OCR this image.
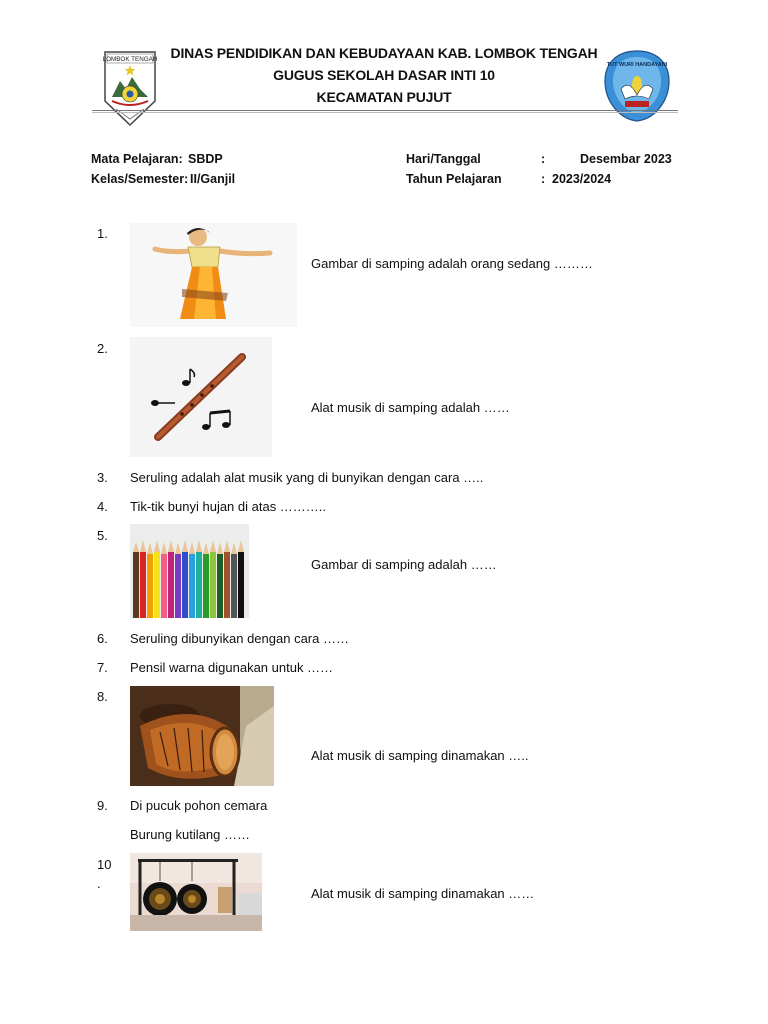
LOMBOK TENGAH
TUT WURI HANDAYANI
DINAS PENDIDIKAN DAN KEBUDAYAAN KAB. LOMBOK TENGAH
GUGUS SEKOLAH DASAR INTI 10
KECAMATAN PUJUT
Mata Pelajaran: SBDP
Kelas/Semester: II/Ganjil
Hari/Tanggal	:	Desembar 2023
Tahun Pelajaran	: 2023/2024
1.
Gambar di samping adalah orang sedang ………
2.
Alat musik di samping adalah ……
3. Seruling adalah alat musik yang di bunyikan dengan cara …..
4. Tik-tik bunyi hujan di atas ………..
5.
Gambar di samping adalah ……
6. Seruling dibunyikan dengan cara ……
7. Pensil warna digunakan untuk ……
8.
Alat musik di samping dinamakan …..
9. Di pucuk pohon cemara
Burung kutilang ……
10
.
Alat musik di samping dinamakan ……
